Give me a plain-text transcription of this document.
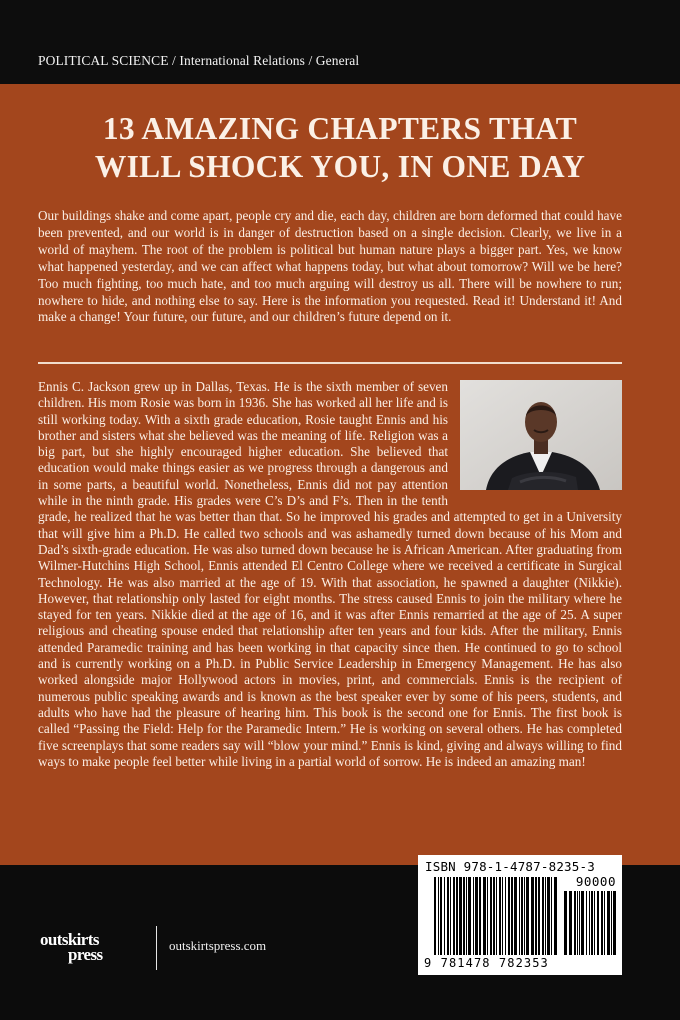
POLITICAL SCIENCE / International Relations / General
13 AMAZING CHAPTERS THAT
WILL SHOCK YOU, IN ONE DAY

Our buildings shake and come apart, people cry and die, each day, children are born deformed that could have been prevented, and our world is in danger of destruction based on a single decision. Clearly, we live in a world of mayhem. The root of the problem is political but human nature plays a bigger part. Yes, we know what happened yesterday, and we can affect what happens today, but what about tomorrow? Will we be here? Too much fighting, too much hate, and too much arguing will destroy us all. There will be nowhere to run; nowhere to hide, and nothing else to say. Here is the information you requested. Read it! Understand it! And make a change! Your future, our future, and our children’s future depend on it.

Ennis C. Jackson grew up in Dallas, Texas. He is the sixth member of seven children. His mom Rosie was born in 1936. She has worked all her life and is still working today. With a sixth grade education, Rosie taught Ennis and his brother and sisters what she believed was the meaning of life. Religion was a big part, but she highly encouraged higher education. She believed that education would make things easier as we progress through a dangerous and in some parts, a beautiful world. Nonetheless, Ennis did not pay attention while in the ninth grade. His grades were C’s D’s and F’s. Then in the tenth grade, he realized that he was better than that. So he improved his grades and attempted to get in a University that will give him a Ph.D. He called two schools and was ashamedly turned down because of his Mom and Dad’s sixth-grade education. He was also turned down because he is African American. After graduating from Wilmer-Hutchins High School, Ennis attended El Centro College where we received a certificate in Surgical Technology. He was also married at the age of 19. With that association, he spawned a daughter (Nikkie). However, that relationship only lasted for eight months. The stress caused Ennis to join the military where he stayed for ten years. Nikkie died at the age of 16, and it was after Ennis remarried at the age of 25. A super religious and cheating spouse ended that relationship after ten years and four kids. After the military, Ennis attended Paramedic training and has been working in that capacity since then. He continued to go to school and is currently working on a Ph.D. in Public Service Leadership in Emergency Management. He has also worked alongside major Hollywood actors in movies, print, and commercials. Ennis is the recipient of numerous public speaking awards and is known as the best speaker ever by some of his peers, students, and adults who have had the pleasure of hearing him. This book is the second one for Ennis. The first book is called “Passing the Field: Help for the Paramedic Intern.” He is working on several others. He has completed five screenplays that some readers say will “blow your mind.” Ennis is kind, giving and always willing to find ways to make people feel better while living in a partial world of sorrow. He is indeed an amazing man!
ISBN 978-1-4787-8235-3
90000
9 781478 782353
outskirts
press	outskirtspress.com
